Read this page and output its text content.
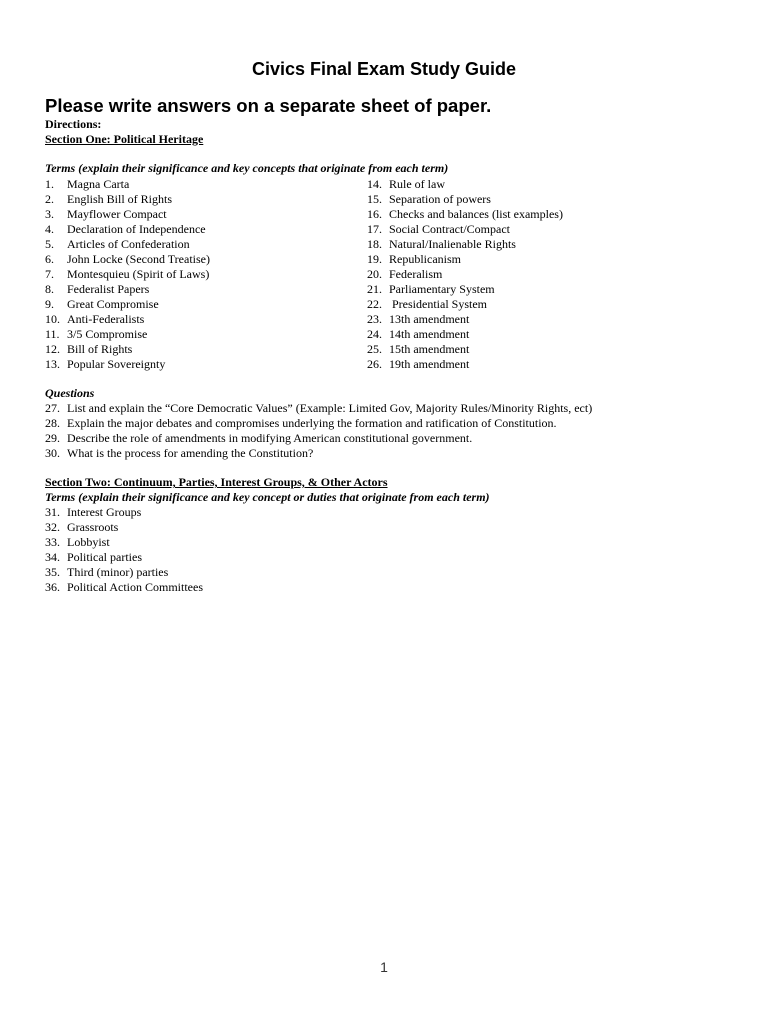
Civics Final Exam Study Guide
Please write answers on a separate sheet of paper.
Directions:
Section One: Political Heritage
Terms (explain their significance and key concepts that originate from each term)
1. Magna Carta
2. English Bill of Rights
3. Mayflower Compact
4. Declaration of Independence
5. Articles of Confederation
6. John Locke (Second Treatise)
7. Montesquieu (Spirit of Laws)
8. Federalist Papers
9. Great Compromise
10. Anti-Federalists
11. 3/5 Compromise
12. Bill of Rights
13. Popular Sovereignty
14. Rule of law
15. Separation of powers
16. Checks and balances (list examples)
17. Social Contract/Compact
18. Natural/Inalienable Rights
19. Republicanism
20. Federalism
21. Parliamentary System
22. Presidential System
23. 13th amendment
24. 14th amendment
25. 15th amendment
26. 19th amendment
Questions
27. List and explain the “Core Democratic Values” (Example: Limited Gov, Majority Rules/Minority Rights, ect)
28. Explain the major debates and compromises underlying the formation and ratification of Constitution.
29. Describe the role of amendments in modifying American constitutional government.
30. What is the process for amending the Constitution?
Section Two: Continuum, Parties, Interest Groups, & Other Actors
Terms (explain their significance and key concept or duties that originate from each term)
31. Interest Groups
32. Grassroots
33. Lobbyist
34. Political parties
35. Third (minor) parties
36. Political Action Committees
1
